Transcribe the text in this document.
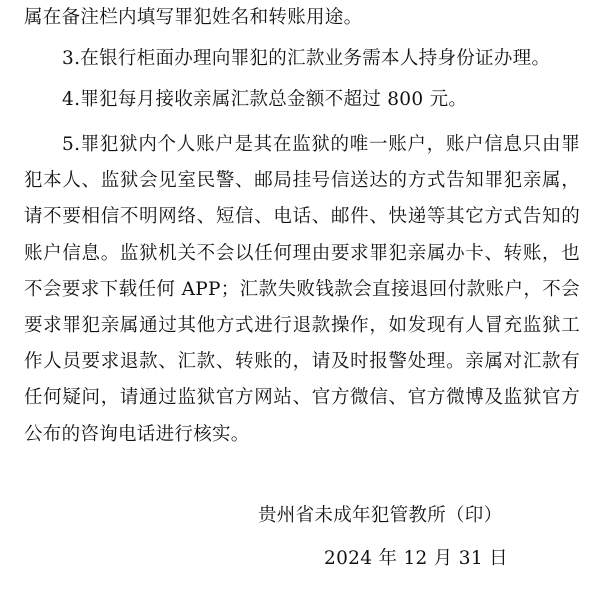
属在备注栏内填写罪犯姓名和转账用途。

3.在银行柜面办理向罪犯的汇款业务需本人持身份证办理。

4.罪犯每月接收亲属汇款总金额不超过 800 元。

5.罪犯狱内个人账户是其在监狱的唯一账户，账户信息只由罪犯本人、监狱会见室民警、邮局挂号信送达的方式告知罪犯亲属，请不要相信不明网络、短信、电话、邮件、快递等其它方式告知的账户信息。监狱机关不会以任何理由要求罪犯亲属办卡、转账，也不会要求下载任何 APP；汇款失败钱款会直接退回付款账户，不会要求罪犯亲属通过其他方式进行退款操作，如发现有人冒充监狱工作人员要求退款、汇款、转账的，请及时报警处理。亲属对汇款有任何疑问，请通过监狱官方网站、官方微信、官方微博及监狱官方公布的咨询电话进行核实。

贵州省未成年犯管教所（印）
2024 年 12 月 31 日
